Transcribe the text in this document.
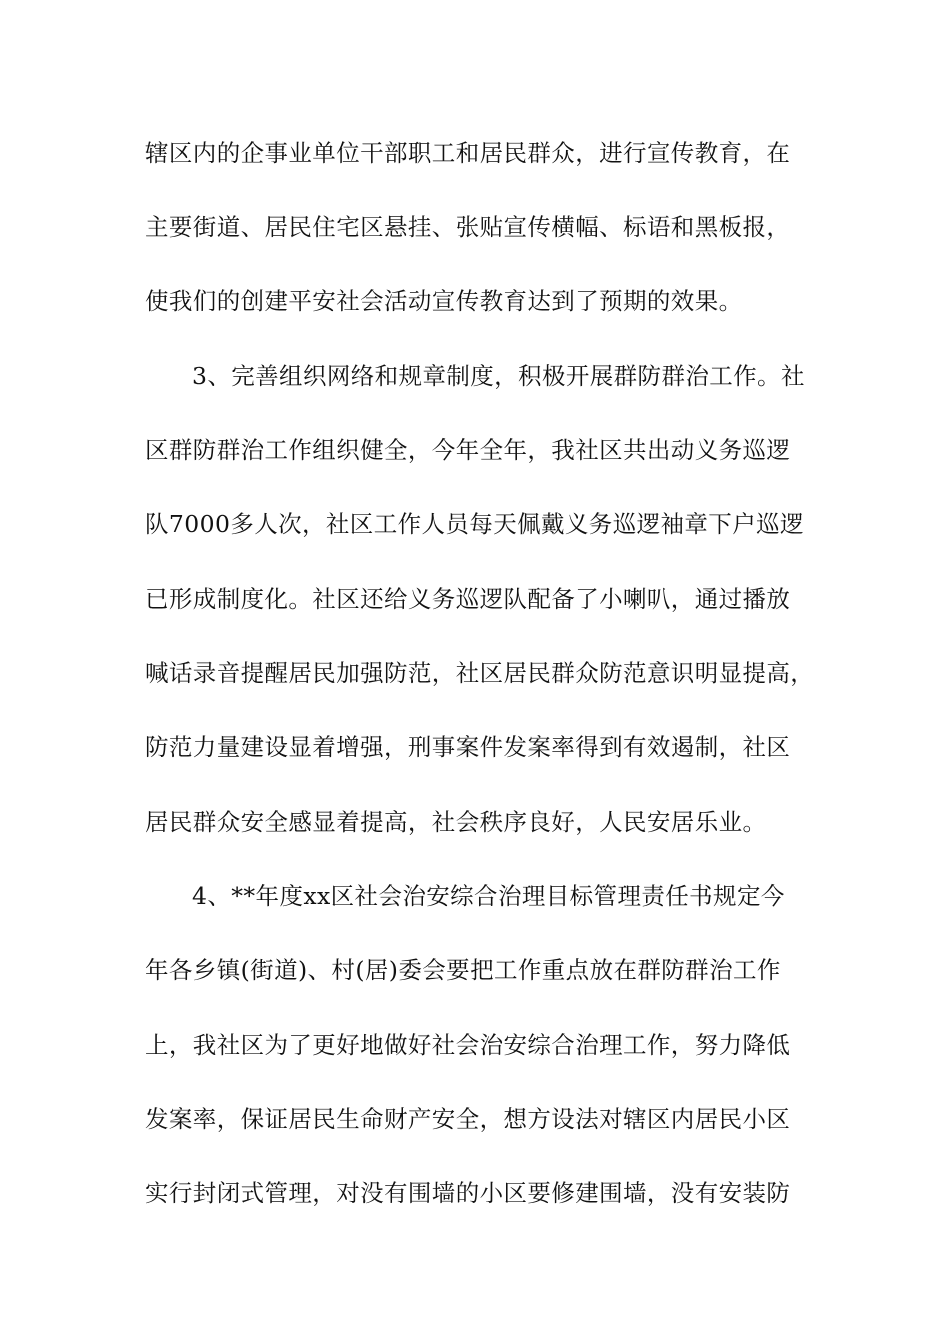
辖区内的企事业单位干部职工和居民群众，进行宣传教育，在
主要街道、居民住宅区悬挂、张贴宣传横幅、标语和黑板报，
使我们的创建平安社会活动宣传教育达到了预期的效果。
3、完善组织网络和规章制度，积极开展群防群治工作。社
区群防群治工作组织健全，今年全年，我社区共出动义务巡逻
队7000多人次，社区工作人员每天佩戴义务巡逻袖章下户巡逻
已形成制度化。社区还给义务巡逻队配备了小喇叭，通过播放
喊话录音提醒居民加强防范，社区居民群众防范意识明显提高，
防范力量建设显着增强，刑事案件发案率得到有效遏制，社区
居民群众安全感显着提高，社会秩序良好，人民安居乐业。
4、**年度xx区社会治安综合治理目标管理责任书规定今
年各乡镇(街道)、村(居)委会要把工作重点放在群防群治工作
上，我社区为了更好地做好社会治安综合治理工作，努力降低
发案率，保证居民生命财产安全，想方设法对辖区内居民小区
实行封闭式管理，对没有围墙的小区要修建围墙，没有安装防
